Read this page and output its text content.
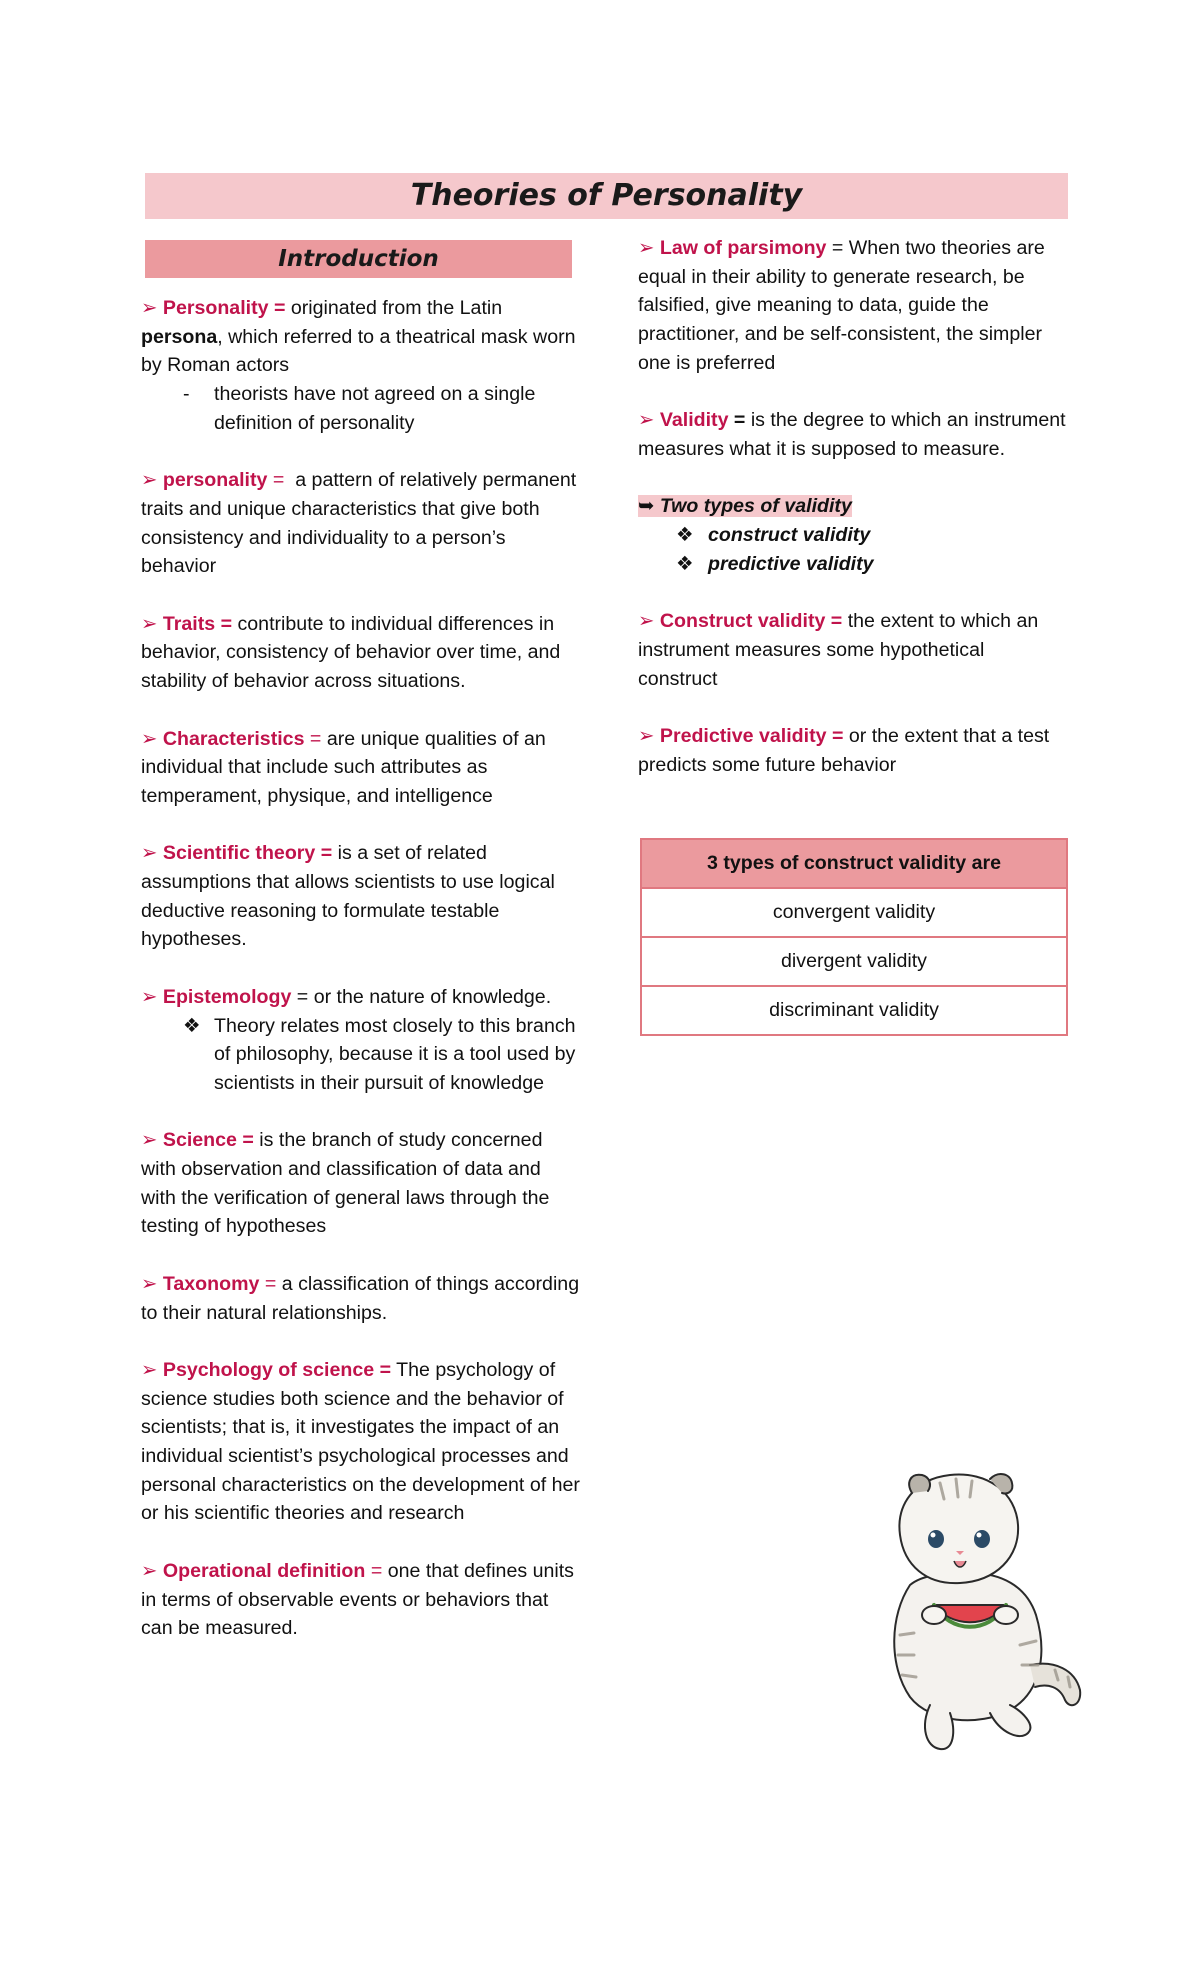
Theories of Personality
Introduction
➢ Personality = originated from the Latin persona, which referred to a theatrical mask worn by Roman actors
-	theorists have not agreed on a single definition of personality
➢ personality =  a pattern of relatively permanent traits and unique characteristics that give both consistency and individuality to a person’s behavior
➢ Traits = contribute to individual differences in behavior, consistency of behavior over time, and stability of behavior across situations.
➢ Characteristics = are unique qualities of an individual that include such attributes as temperament, physique, and intelligence
➢ Scientific theory = is a set of related assumptions that allows scientists to use logical deductive reasoning to formulate testable hypotheses.
➢ Epistemology = or the nature of knowledge.
❖ Theory relates most closely to this branch of philosophy, because it is a tool used by scientists in their pursuit of knowledge
➢ Science = is the branch of study concerned with observation and classification of data and with the verification of general laws through the testing of hypotheses
➢ Taxonomy = a classification of things according to their natural relationships.
➢ Psychology of science = The psychology of science studies both science and the behavior of scientists; that is, it investigates the impact of an individual scientist’s psychological processes and personal characteristics on the development of her or his scientific theories and research
➢ Operational definition = one that defines units in terms of observable events or behaviors that can be measured.
➢ Law of parsimony = When two theories are equal in their ability to generate research, be falsified, give meaning to data, guide the practitioner, and be self-consistent, the simpler one is preferred
➢ Validity = is the degree to which an instrument measures what it is supposed to measure.
➥ Two types of validity
❖ construct validity
❖ predictive validity
➢ Construct validity = the extent to which an instrument measures some hypothetical construct
➢ Predictive validity = or the extent that a test predicts some future behavior
3 types of construct validity are
convergent validity
divergent validity
discriminant validity
